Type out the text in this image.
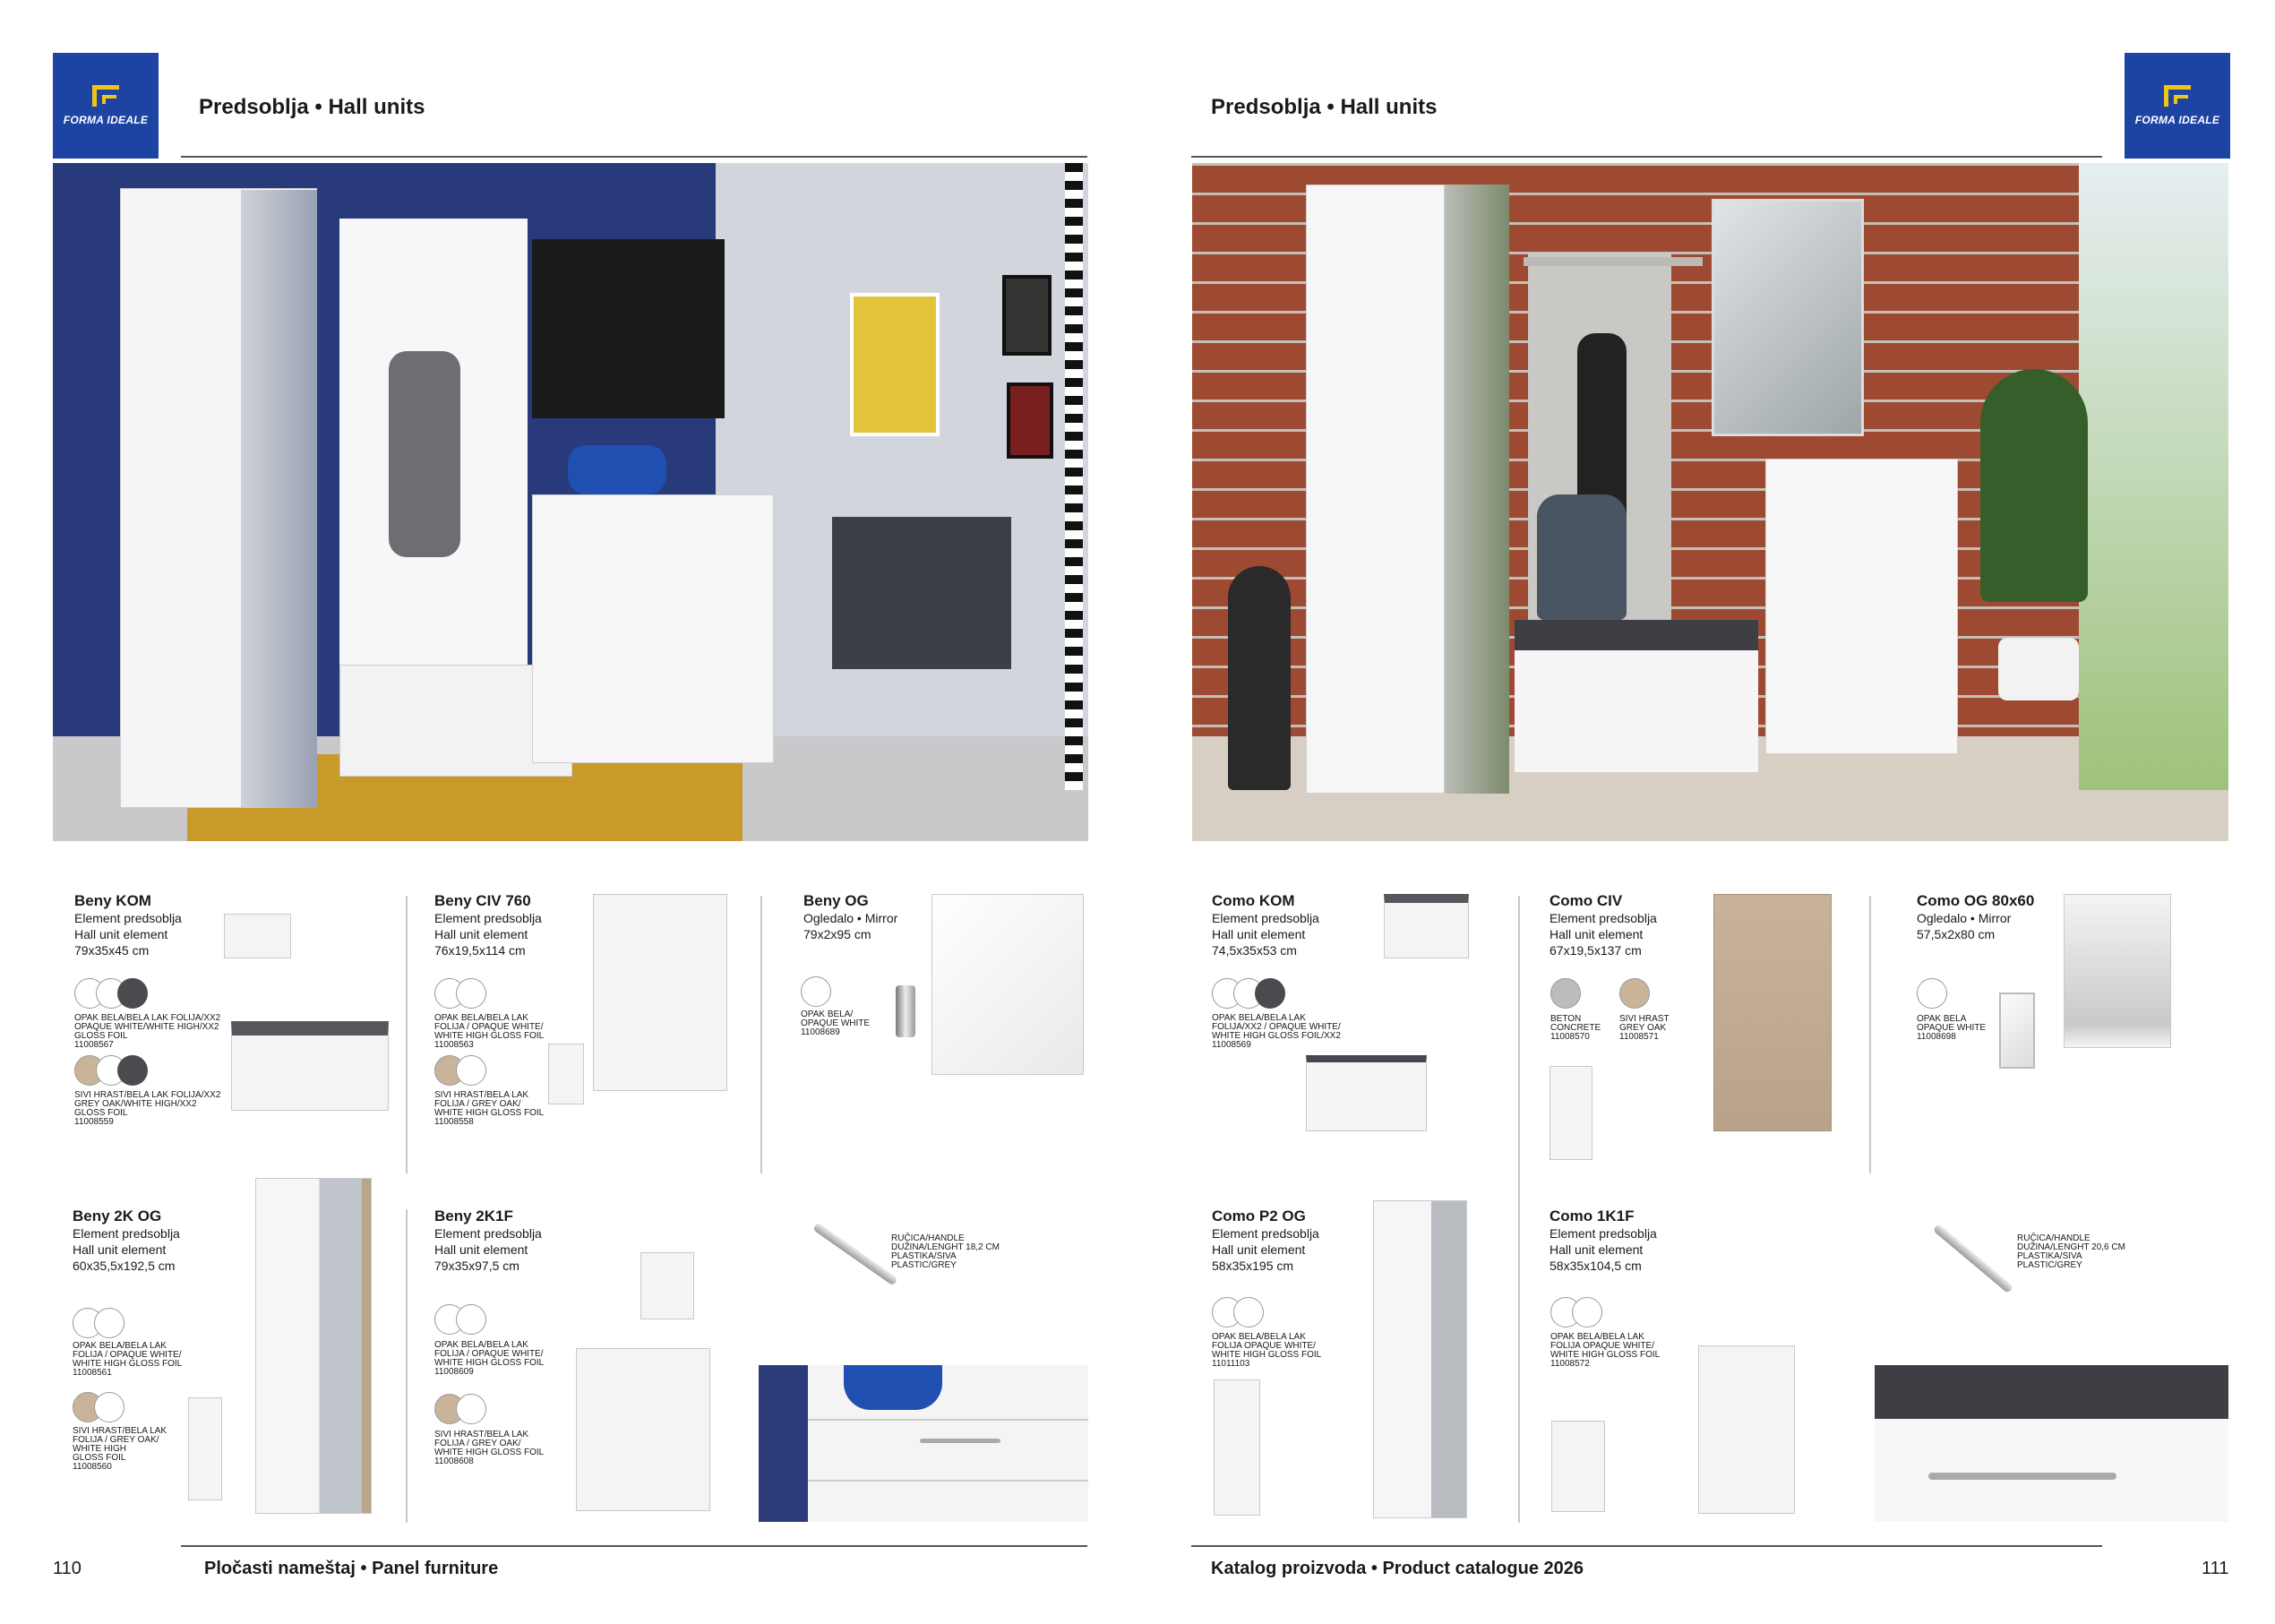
FORMA IDEALE
Predsoblja • Hall units
Beny KOM
Element predsoblja
Hall unit element
79x35x45 cm
OPAK BELA/BELA LAK FOLIJA/XX2
OPAQUE WHITE/WHITE HIGH/XX2
GLOSS FOIL
11008567
SIVI HRAST/BELA LAK FOLIJA/XX2
GREY OAK/WHITE HIGH/XX2
GLOSS FOIL
11008559
Beny CIV 760
Element predsoblja
Hall unit element
76x19,5x114 cm
OPAK BELA/BELA LAK
FOLIJA / OPAQUE WHITE/
WHITE HIGH GLOSS FOIL
11008563
SIVI HRAST/BELA LAK
FOLIJA / GREY OAK/
WHITE HIGH GLOSS FOIL
11008558
Beny OG
Ogledalo • Mirror
79x2x95 cm
OPAK BELA/
OPAQUE WHITE
11008689
Beny 2K OG
Element predsoblja
Hall unit element
60x35,5x192,5 cm
OPAK BELA/BELA LAK
FOLIJA / OPAQUE WHITE/
WHITE HIGH GLOSS FOIL
11008561
SIVI HRAST/BELA LAK
FOLIJA / GREY OAK/
WHITE HIGH
GLOSS FOIL
11008560
Beny 2K1F
Element predsoblja
Hall unit element
79x35x97,5 cm
OPAK BELA/BELA LAK
FOLIJA / OPAQUE WHITE/
WHITE HIGH GLOSS FOIL
11008609
SIVI HRAST/BELA LAK
FOLIJA / GREY OAK/
WHITE HIGH GLOSS FOIL
11008608
RUČICA/HANDLE
DUŽINA/LENGHT 18,2 CM
PLASTIKA/SIVA
PLASTIC/GREY
110	Pločasti nameštaj • Panel furniture
FORMA IDEALE
Predsoblja • Hall units
Como KOM
Element predsoblja
Hall unit element
74,5x35x53 cm
OPAK BELA/BELA LAK
FOLIJA/XX2 / OPAQUE WHITE/
WHITE HIGH GLOSS FOIL/XX2
11008569
Como CIV
Element predsoblja
Hall unit element
67x19,5x137 cm
BETON
CONCRETE
11008570
SIVI HRAST
GREY OAK
11008571
Como OG 80x60
Ogledalo • Mirror
57,5x2x80 cm
OPAK BELA
OPAQUE WHITE
11008698
Como P2 OG
Element predsoblja
Hall unit element
58x35x195 cm
OPAK BELA/BELA LAK
FOLIJA OPAQUE WHITE/
WHITE HIGH GLOSS FOIL
11011103
Como 1K1F
Element predsoblja
Hall unit element
58x35x104,5 cm
OPAK BELA/BELA LAK
FOLIJA OPAQUE WHITE/
WHITE HIGH GLOSS FOIL
11008572
RUČICA/HANDLE
DUŽINA/LENGHT 20,6 CM
PLASTIKA/SIVA
PLASTIC/GREY
Katalog proizvoda • Product catalogue 2026	111
